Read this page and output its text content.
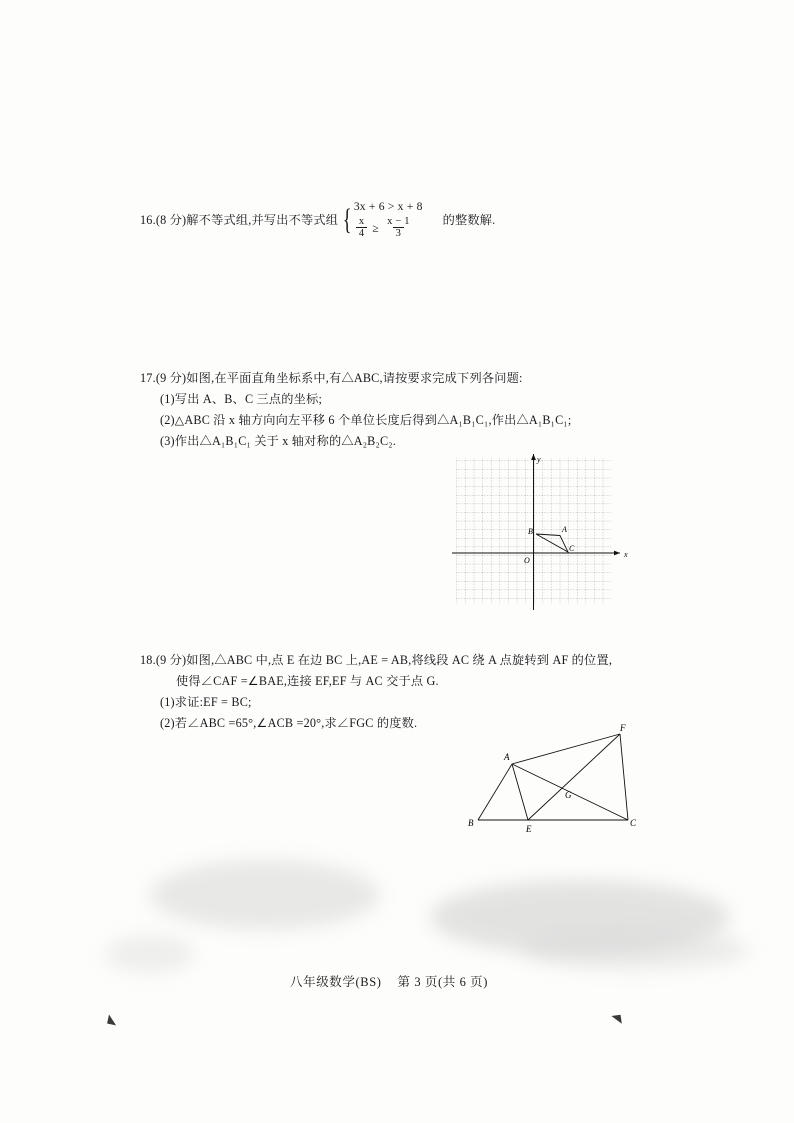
◣	◥
16. (8 分) 解不等式组,并写出不等式组 { 3x + 6 > x + 8
$\frac{x}{4} \ge \frac{x - 1}{3}$ 的整数解.
17.(9 分)如图,在平面直角坐标系中,有△ABC,请按要求完成下列各问题:
(1)写出 A、B、C 三点的坐标;
(2)△ABC 沿 x 轴方向向左平移 6 个单位长度后得到△A₁B₁C₁,作出△A₁B₁C₁;
(3)作出△A₁B₁C₁ 关于 x 轴对称的△A₂B₂C₂.
x
y
O
A
B
C
18.(9 分)如图,△ABC 中,点 E 在边 BC 上,AE = AB,将线段 AC 绕 A 点旋转到 AF 的位置,
使得∠CAF =∠BAE,连接 EF,EF 与 AC 交于点 G.
(1)求证:EF = BC;
(2)若∠ABC =65°,∠ACB =20°,求∠FGC 的度数.
A
B
E
C
F
G
八年级数学(BS) 第 3 页(共 6 页)
